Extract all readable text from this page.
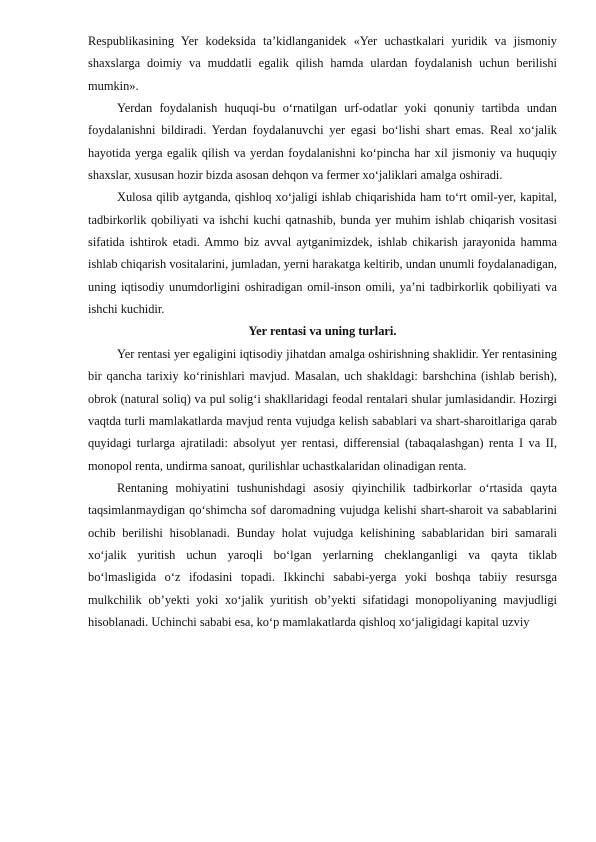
Respublikasining Yer kodeksida ta’kidlanganidek «Yer uchastkalari yuridik va jismoniy shaxslarga doimiy va muddatli egalik qilish hamda ulardan foydalanish uchun berilishi mumkin».

Yerdan foydalanish huquqi-bu o‘rnatilgan urf-odatlar yoki qonuniy tartibda undan foydalanishni bildiradi. Yerdan foydalanuvchi yer egasi bo‘lishi shart emas. Real xo‘jalik hayotida yerga egalik qilish va yerdan foydalanishni ko‘pincha har xil jismoniy va huquqiy shaxslar, xususan hozir bizda asosan dehqon va fermer xo‘jaliklari amalga oshiradi.

Xulosa qilib aytganda, qishloq xo‘jaligi ishlab chiqarishida ham to‘rt omil-yer, kapital, tadbirkorlik qobiliyati va ishchi kuchi qatnashib, bunda yer muhim ishlab chiqarish vositasi sifatida ishtirok etadi. Ammo biz avval aytganimizdek, ishlab chikarish jarayonida hamma ishlab chiqarish vositalarini, jumladan, yerni harakatga keltirib, undan unumli foydalanadigan, uning iqtisodiy unumdorligini oshiradigan omil-inson omili, ya’ni tadbirkorlik qobiliyati va ishchi kuchidir.

Yer rentasi va uning turlari.

Yer rentasi yer egaligini iqtisodiy jihatdan amalga oshirishning shaklidir. Yer rentasining bir qancha tarixiy ko‘rinishlari mavjud. Masalan, uch shakldagi: barshchina (ishlab berish), obrok (natural soliq) va pul solig‘i shakllaridagi feodal rentalari shular jumlasidandir. Hozirgi vaqtda turli mamlakatlarda mavjud renta vujudga kelish sabablari va shart-sharoitlariga qarab quyidagi turlarga ajratiladi: absolyut yer rentasi, differensial (tabaqalashgan) renta I va II, monopol renta, undirma sanoat, qurilishlar uchastkalaridan olinadigan renta.

Rentaning mohiyatini tushunishdagi asosiy qiyinchilik tadbirkorlar o‘rtasida qayta taqsimlanmaydigan qo‘shimcha sof daromadning vujudga kelishi shart-sharoit va sabablarini ochib berilishi hisoblanadi. Bunday holat vujudga kelishining sabablaridan biri samarali xo‘jalik yuritish uchun yaroqli bo‘lgan yerlarning cheklanganligi va qayta tiklab bo‘lmasligida o‘z ifodasini topadi. Ikkinchi sababi-yerga yoki boshqa tabiiy resursga mulkchilik ob’yekti yoki xo‘jalik yuritish ob’yekti sifatidagi monopoliyaning mavjudligi hisoblanadi. Uchinchi sababi esa, ko‘p mamlakatlarda qishloq xo‘jaligidagi kapital uzviy
